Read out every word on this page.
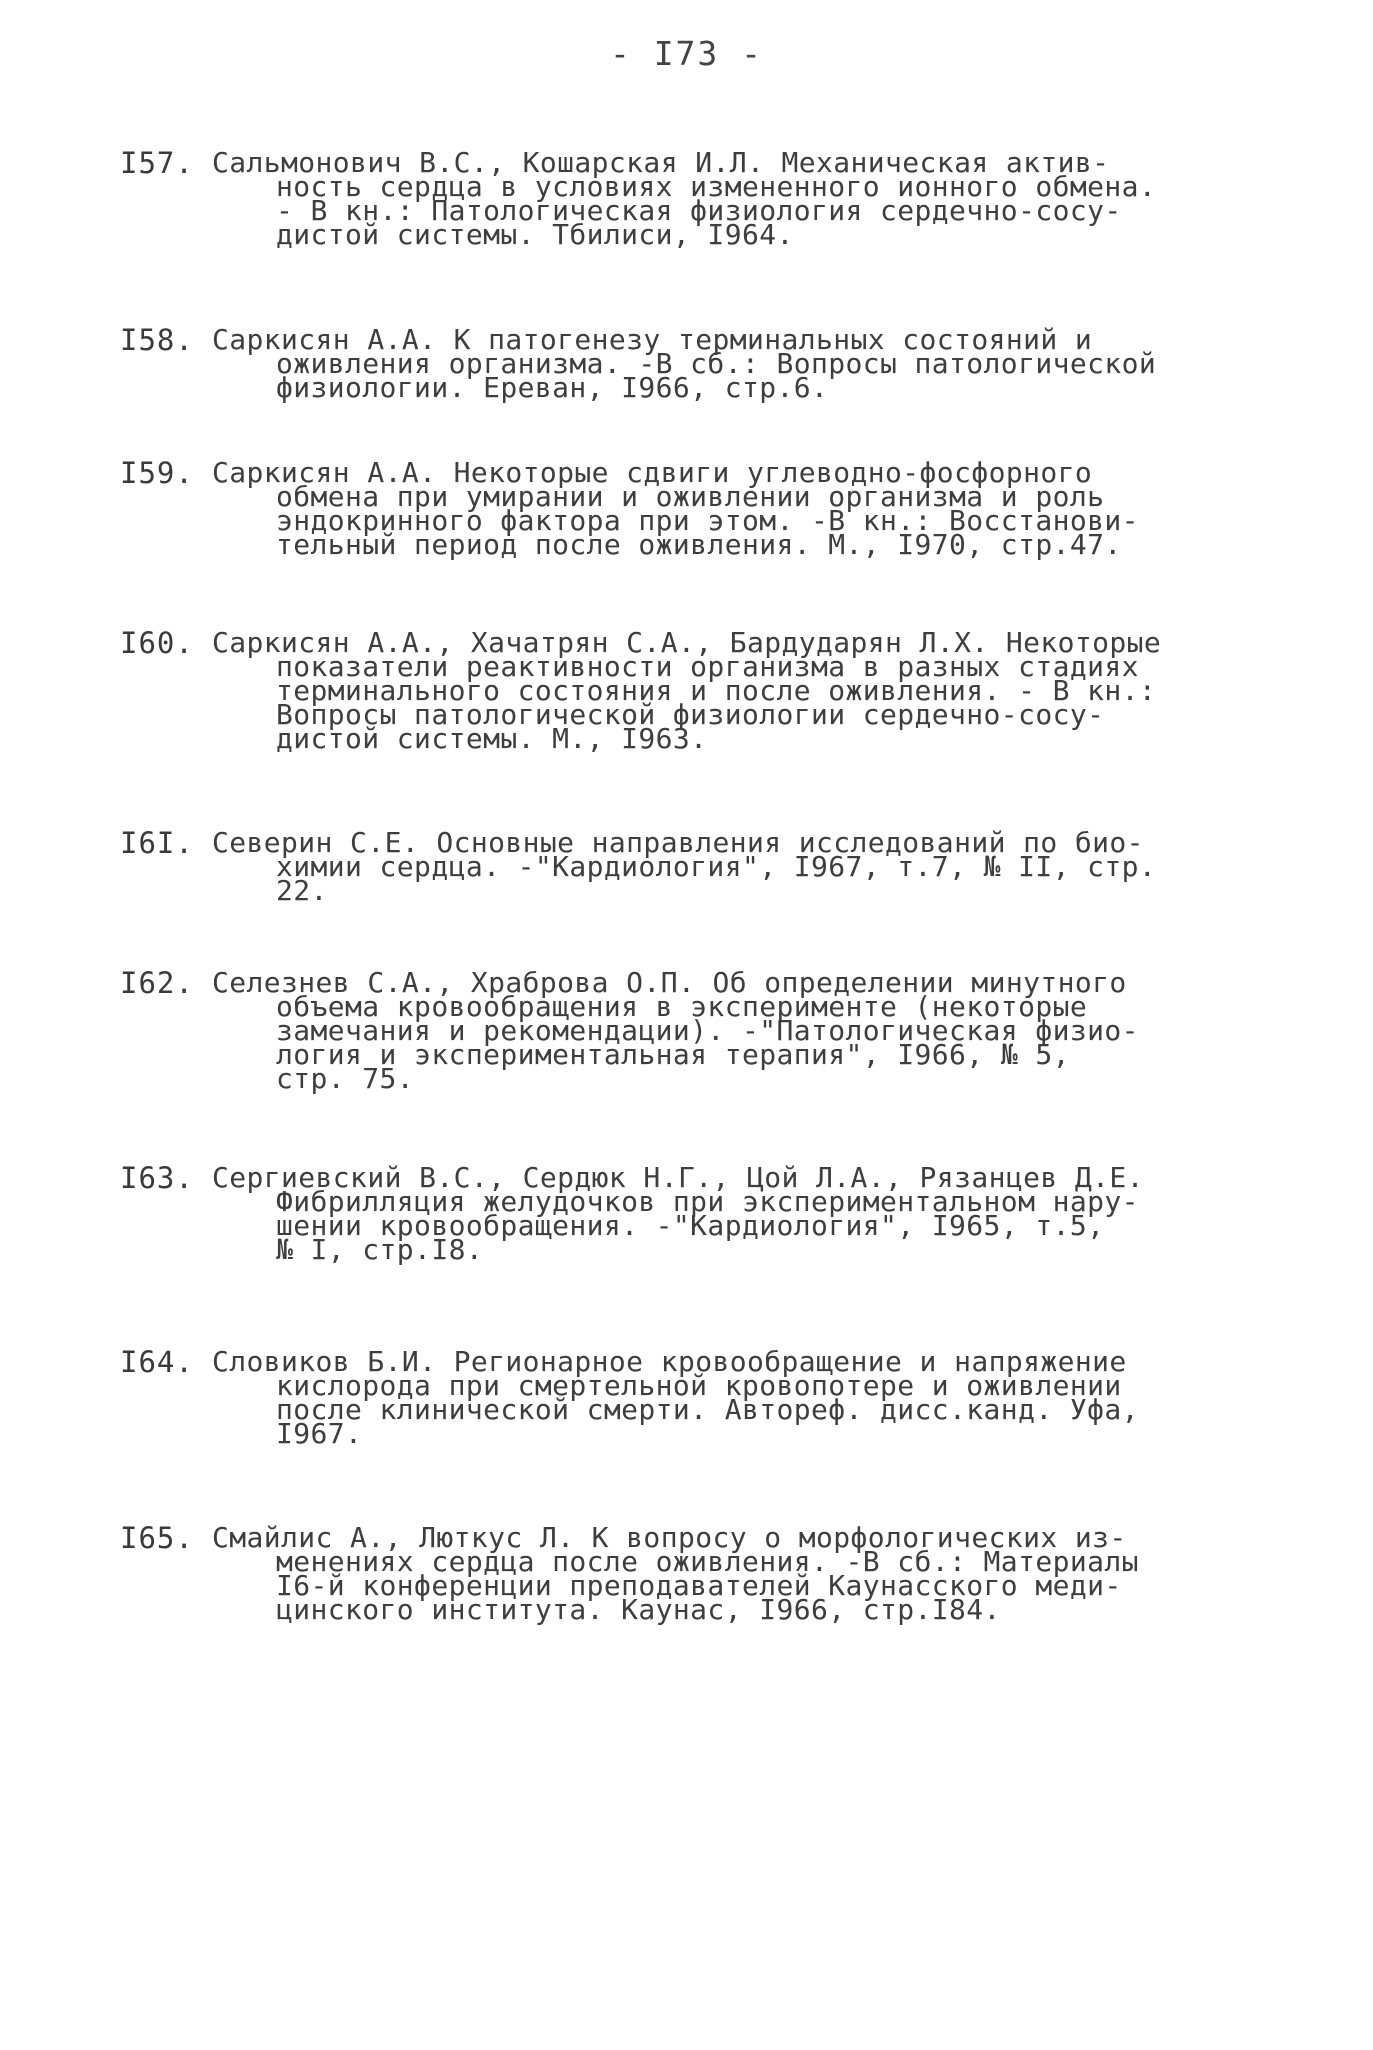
- I73 -
I57. Сальмонович В.С., Кошарская И.Л. Механическая актив-
ность сердца в условиях измененного ионного обмена.
- В кн.: Патологическая физиология сердечно-сосу-
дистой системы. Тбилиси, I964.
I58. Саркисян А.А. К патогенезу терминальных состояний и
оживления организма. -В сб.: Вопросы патологической
физиологии. Ереван, I966, стр.6.
I59. Саркисян А.А. Некоторые сдвиги углеводно-фосфорного
обмена при умирании и оживлении организма и роль
эндокринного фактора при этом. -В кн.: Восстанови-
тельный период после оживления. М., I970, стр.47.
I60. Саркисян А.А., Хачатрян С.А., Бардударян Л.Х. Некоторые
показатели реактивности организма в разных стадиях
терминального состояния и после оживления. - В кн.:
Вопросы патологической физиологии сердечно-сосу-
дистой системы. М., I963.
I6I. Северин С.Е. Основные направления исследований по био-
химии сердца. -"Кардиология", I967, т.7, № II, стр.
22.
I62. Селезнев С.А., Храброва О.П. Об определении минутного
объема кровообращения в эксперименте (некоторые
замечания и рекомендации). -"Патологическая физио-
логия и экспериментальная терапия", I966, № 5,
стр. 75.
I63. Сергиевский В.С., Сердюк Н.Г., Цой Л.А., Рязанцев Д.Е.
Фибрилляция желудочков при экспериментальном нару-
шении кровообращения. -"Кардиология", I965, т.5,
№ I, стр.I8.
I64. Словиков Б.И. Регионарное кровообращение и напряжение
кислорода при смертельной кровопотере и оживлении
после клинической смерти. Автореф. дисс.канд. Уфа,
I967.
I65. Смайлис А., Люткус Л. К вопросу о морфологических из-
менениях сердца после оживления. -В сб.: Материалы
I6-й конференции преподавателей Каунасского меди-
цинского института. Каунас, I966, стр.I84.
